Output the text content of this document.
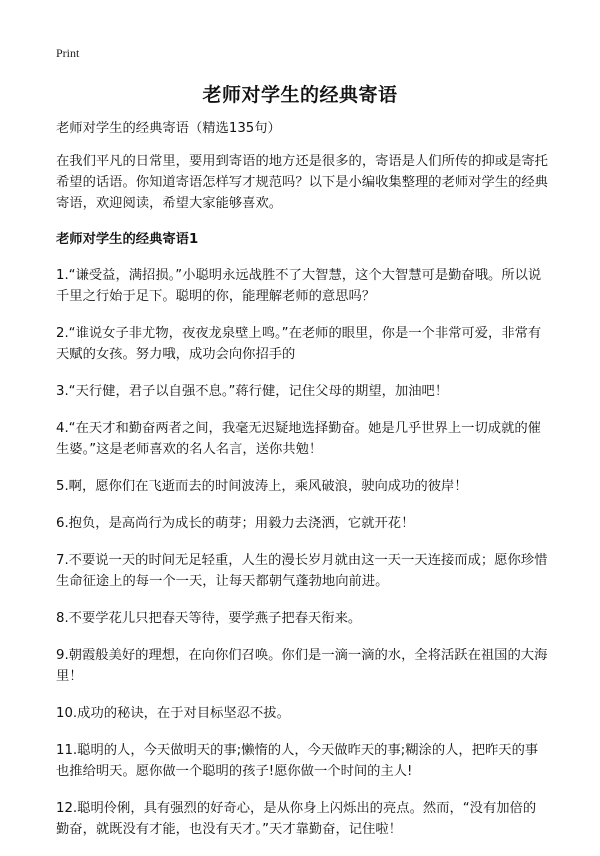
Print
老师对学生的经典寄语

老师对学生的经典寄语（精选135句）

在我们平凡的日常里，要用到寄语的地方还是很多的，寄语是人们所传的抑或是寄托希望的话语。你知道寄语怎样写才规范吗？以下是小编收集整理的老师对学生的经典寄语，欢迎阅读，希望大家能够喜欢。

老师对学生的经典寄语1

1.“谦受益，满招损。”小聪明永远战胜不了大智慧，这个大智慧可是勤奋哦。所以说千里之行始于足下。聪明的你，能理解老师的意思吗？

2.“谁说女子非尤物，夜夜龙泉壁上鸣。”在老师的眼里，你是一个非常可爱，非常有天赋的女孩。努力哦，成功会向你招手的

3.“天行健，君子以自强不息。”蒋行健，记住父母的期望，加油吧！

4.“在天才和勤奋两者之间，我毫无迟疑地选择勤奋。她是几乎世界上一切成就的催生婆。”这是老师喜欢的名人名言，送你共勉！

5.啊，愿你们在飞逝而去的时间波涛上，乘风破浪，驶向成功的彼岸！

6.抱负，是高尚行为成长的萌芽；用毅力去浇洒，它就开花！

7.不要说一天的时间无足轻重，人生的漫长岁月就由这一天一天连接而成；愿你珍惜生命征途上的每一个一天，让每天都朝气蓬勃地向前进。

8.不要学花儿只把春天等待，要学燕子把春天衔来。

9.朝霞般美好的理想，在向你们召唤。你们是一滴一滴的水，全将活跃在祖国的大海里！

10.成功的秘诀，在于对目标坚忍不拔。

11.聪明的人，今天做明天的事;懒惰的人，今天做昨天的事;糊涂的人，把昨天的事也推给明天。愿你做一个聪明的孩子!愿你做一个时间的主人!

12.聪明伶俐，具有强烈的好奇心，是从你身上闪烁出的亮点。然而，“没有加倍的勤奋，就既没有才能，也没有天才。”天才靠勤奋，记住啦！
